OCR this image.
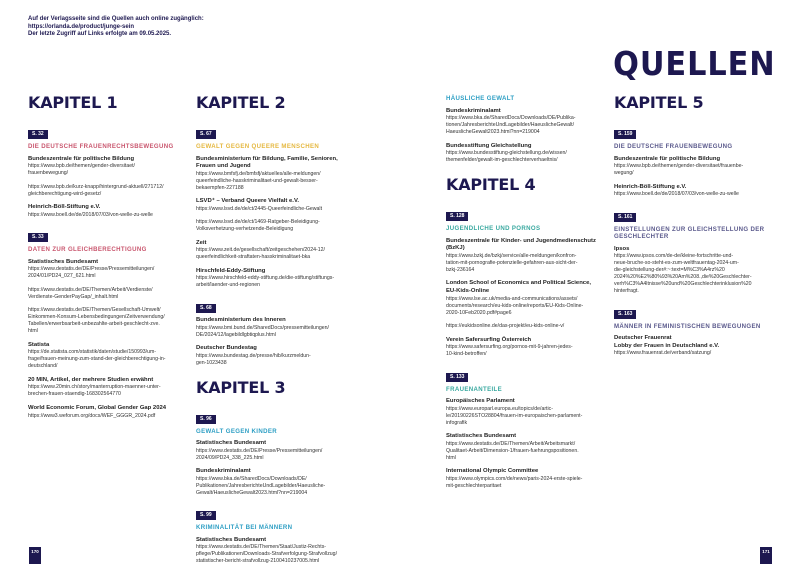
Auf der Verlagsseite sind die Quellen auch online zugänglich:
https://orlanda.de/product/junge-sein
Der letzte Zugriff auf Links erfolgte am 09.05.2025.
QUELLEN
KAPITEL 1
S. 32
DIE DEUTSCHE FRAUENRECHTSBEWEGUNG
Bundeszentrale für politische Bildung
https://www.bpb.de/themen/gender-diversitaet/
frauenbewegung/
https://www.bpb.de/kurz-knapp/hintergrund-aktuell/271712/
gleichberechtigung-wird-gesetz/
Heinrich-Böll-Stiftung e.V.
https://www.boell.de/de/2018/07/03/von-welle-zu-welle
S. 33
DATEN ZUR GLEICHBERECHTIGUNG
Statistisches Bundesamt
https://www.destatis.de/DE/Presse/Pressemitteilungen/
2024/01/PD24_027_621.html
https://www.destatis.de/DE/Themen/Arbeit/Verdienste/
Verdienste-GenderPayGap/_inhalt.html
https://www.destatis.de/DE/Themen/Gesellschaft-Umwelt/
Einkommen-Konsum-Lebensbedingungen/Zeitverwendung/
Tabellen/erwerbsarbeit-unbezahlte-arbeit-geschlecht-zve.
html
Statista
https://de.statista.com/statistik/daten/studie/150993/um-
frage/frauen-meinung-zum-stand-der-gleichberechtigung-in-
deutschland/
20 MIN, Artikel, der mehrere Studien erwähnt
https://www.20min.ch/story/manterruption-maenner-unter-
brechen-frauen-staendig-168302564770
World Economic Forum, Global Gender Gap 2024
https://www3.weforum.org/docs/WEF_GGGR_2024.pdf
KAPITEL 2
S. 67
GEWALT GEGEN QUEERE MENSCHEN
Bundesministerium für Bildung, Familie, Senioren,
Frauen und Jugend
https://www.bmfsfj.de/bmfsfj/aktuelles/alle-meldungen/
queerfeindliche-hasskriminalitaet-und-gewalt-besser-
bekaempfen-227188
LSVD⁺ – Verband Queere Vielfalt e.V.
https://www.lsvd.de/de/ct/2445-Queerfeindliche-Gewalt
https://www.lsvd.de/de/ct/1469-Ratgeber-Beleidigung-
Volksverhetzung-verhetzende-Beleidigung
Zeit
https://www.zeit.de/gesellschaft/zeitgeschehen/2024-12/
queerfeindlichkeit-straftaten-hasskriminalitaet-bka
Hirschfeld-Eddy-Stiftung
https://www.hirschfeld-eddy-stiftung.de/die-stiftung/stiftungs-
arbeit/laender-und-regionen
S. 68
Bundesministerium des Inneren
https://www.bmi.bund.de/SharedDocs/pressemitteilungen/
DE/2024/12/lagebildlgbtiqplus.html
Deutscher Bundestag
https://www.bundestag.de/presse/hib/kurzmeldun-
gen-1023438
KAPITEL 3
S. 96
GEWALT GEGEN KINDER
Statistisches Bundesamt
https://www.destatis.de/DE/Presse/Pressemitteilungen/
2024/09/PD24_338_225.html
Bundeskriminalamt
https://www.bka.de/SharedDocs/Downloads/DE/
Publikationen/JahresberichteUndLagebilder/Haeusliche-
Gewalt/HaeuslicheGewalt2023.html?nn=219004
S. 99
KRIMINALITÄT BEI MÄNNERN
Statistisches Bundesamt
https://www.destatis.de/DE/Themen/Staat/Justiz-Rechts-
pflege/Publikationen/Downloads-Strafverfolgung-Strafvollzug/
statistischer-bericht-strafvollzug-2100410237005.html
HÄUSLICHE GEWALT
Bundeskriminalamt
https://www.bka.de/SharedDocs/Downloads/DE/Publika-
tionen/JahresberichteUndLagebilder/HaeuslicheGewalt/
HaeuslicheGewalt2023.html?nn=219004
Bundesstiftung Gleichstellung
https://www.bundesstiftung-gleichstellung.de/wissen/
themenfelder/gewalt-im-geschlechterverhaeltnis/
KAPITEL 4
S. 128
JUGENDLICHE UND PORNOS
Bundeszentrale für Kinder- und Jugendmedienschutz
(BzKJ)
https://www.bzkj.de/bzkj/service/alle-meldungen/konfron-
tation-mit-pornografie-potenzielle-gefahren-aus-sicht-der-
bzkj-236164
London School of Economics and Political Science,
EU-Kids-Online
https://www.lse.ac.uk/media-and-communications/assets/
documents/research/eu-kids-online/reports/EU-Kids-Online-
2020-10Feb2020.pdf#page6
https://eukidsonline.de/das-projekt/eu-kids-online-v/
Verein Safersurfing Österreich
https://www.safersurfing.org/pornos-mit-9-jahren-jedes-
10-kind-betroffen/
S. 133
FRAUENANTEILE
Europäisches Parlament
https://www.europarl.europa.eu/topics/de/artic-
le/20190226STO28804/frauen-im-europaischen-parlament-
infografik
Statistisches Bundesamt
https://www.destatis.de/DE/Themen/Arbeit/Arbeitsmarkt/
Qualitaet-Arbeit/Dimension-1/frauen-fuehrungspositionen.
html
International Olympic Committee
https://www.olympics.com/de/news/paris-2024-erste-spiele-
mit-geschlechterparitaet
KAPITEL 5
S. 159
DIE DEUTSCHE FRAUENBEWEGUNG
Bundeszentrale für politische Bildung
https://www.bpb.de/themen/gender-diversitaet/frauenbe-
wegung/
Heinrich-Böll-Stiftung e.V.
https://www.boell.de/de/2018/07/03/von-welle-zu-welle
S. 161
EINSTELLUNGEN ZUR GLEICHSTELLUNG DER
GESCHLECHTER
Ipsos
https://www.ipsos.com/de-de/kleine-fortschritte-und-
neue-bruche-so-steht-es-zum-weltfrauentag-2024-um-
die-gleichstellung-der#:~:text=M%C3%A4rz%20
2024%20%E2%80%93%20Am%208.,die%20Geschlechter-
verh%C3%A4ltnisse%20und%20Geschlechterinklusion%20
hinterfragt.
S. 163
MÄNNER IN FEMINISTISCHEN BEWEGUNGEN
Deutscher Frauenrat
Lobby der Frauen in Deutschland e.V.
https://www.frauenrat.de/verband/satzung/
170	171
